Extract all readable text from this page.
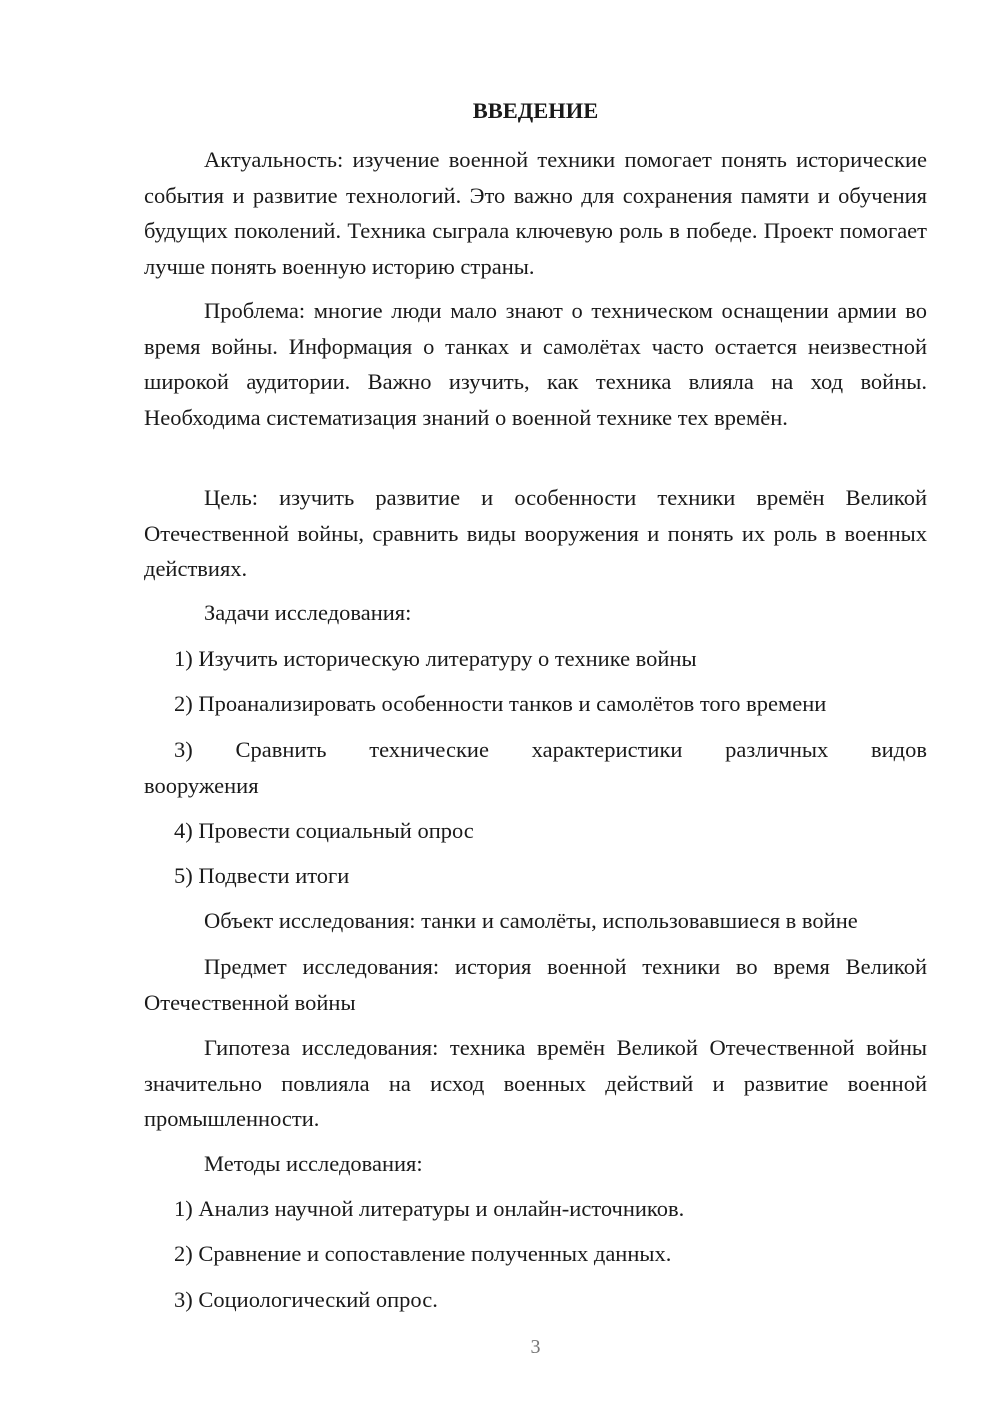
ВВЕДЕНИЕ

Актуальность: изучение военной техники помогает понять исторические события и развитие технологий. Это важно для сохранения памяти и обучения будущих поколений. Техника сыграла ключевую роль в победе. Проект помогает лучше понять военную историю страны.

Проблема: многие люди мало знают о техническом оснащении армии во время войны. Информация о танках и самолётах часто остается неизвестной широкой аудитории. Важно изучить, как техника влияла на ход войны. Необходима систематизация знаний о военной технике тех времён.

Цель: изучить развитие и особенности техники времён Великой Отечественной войны, сравнить виды вооружения и понять их роль в военных действиях.

Задачи исследования:

1) Изучить историческую литературу о технике войны

2) Проанализировать особенности танков и самолётов того времени

3) Сравнить технические характеристики различных видов вооружения

4) Провести социальный опрос

5) Подвести итоги

Объект исследования: танки и самолёты, использовавшиеся в войне

Предмет исследования: история военной техники во время Великой Отечественной войны

Гипотеза исследования: техника времён Великой Отечественной войны значительно повлияла на исход военных действий и развитие военной промышленности.

Методы исследования:

1) Анализ научной литературы и онлайн-источников.

2) Сравнение и сопоставление полученных данных.

3) Социологический опрос.

3
